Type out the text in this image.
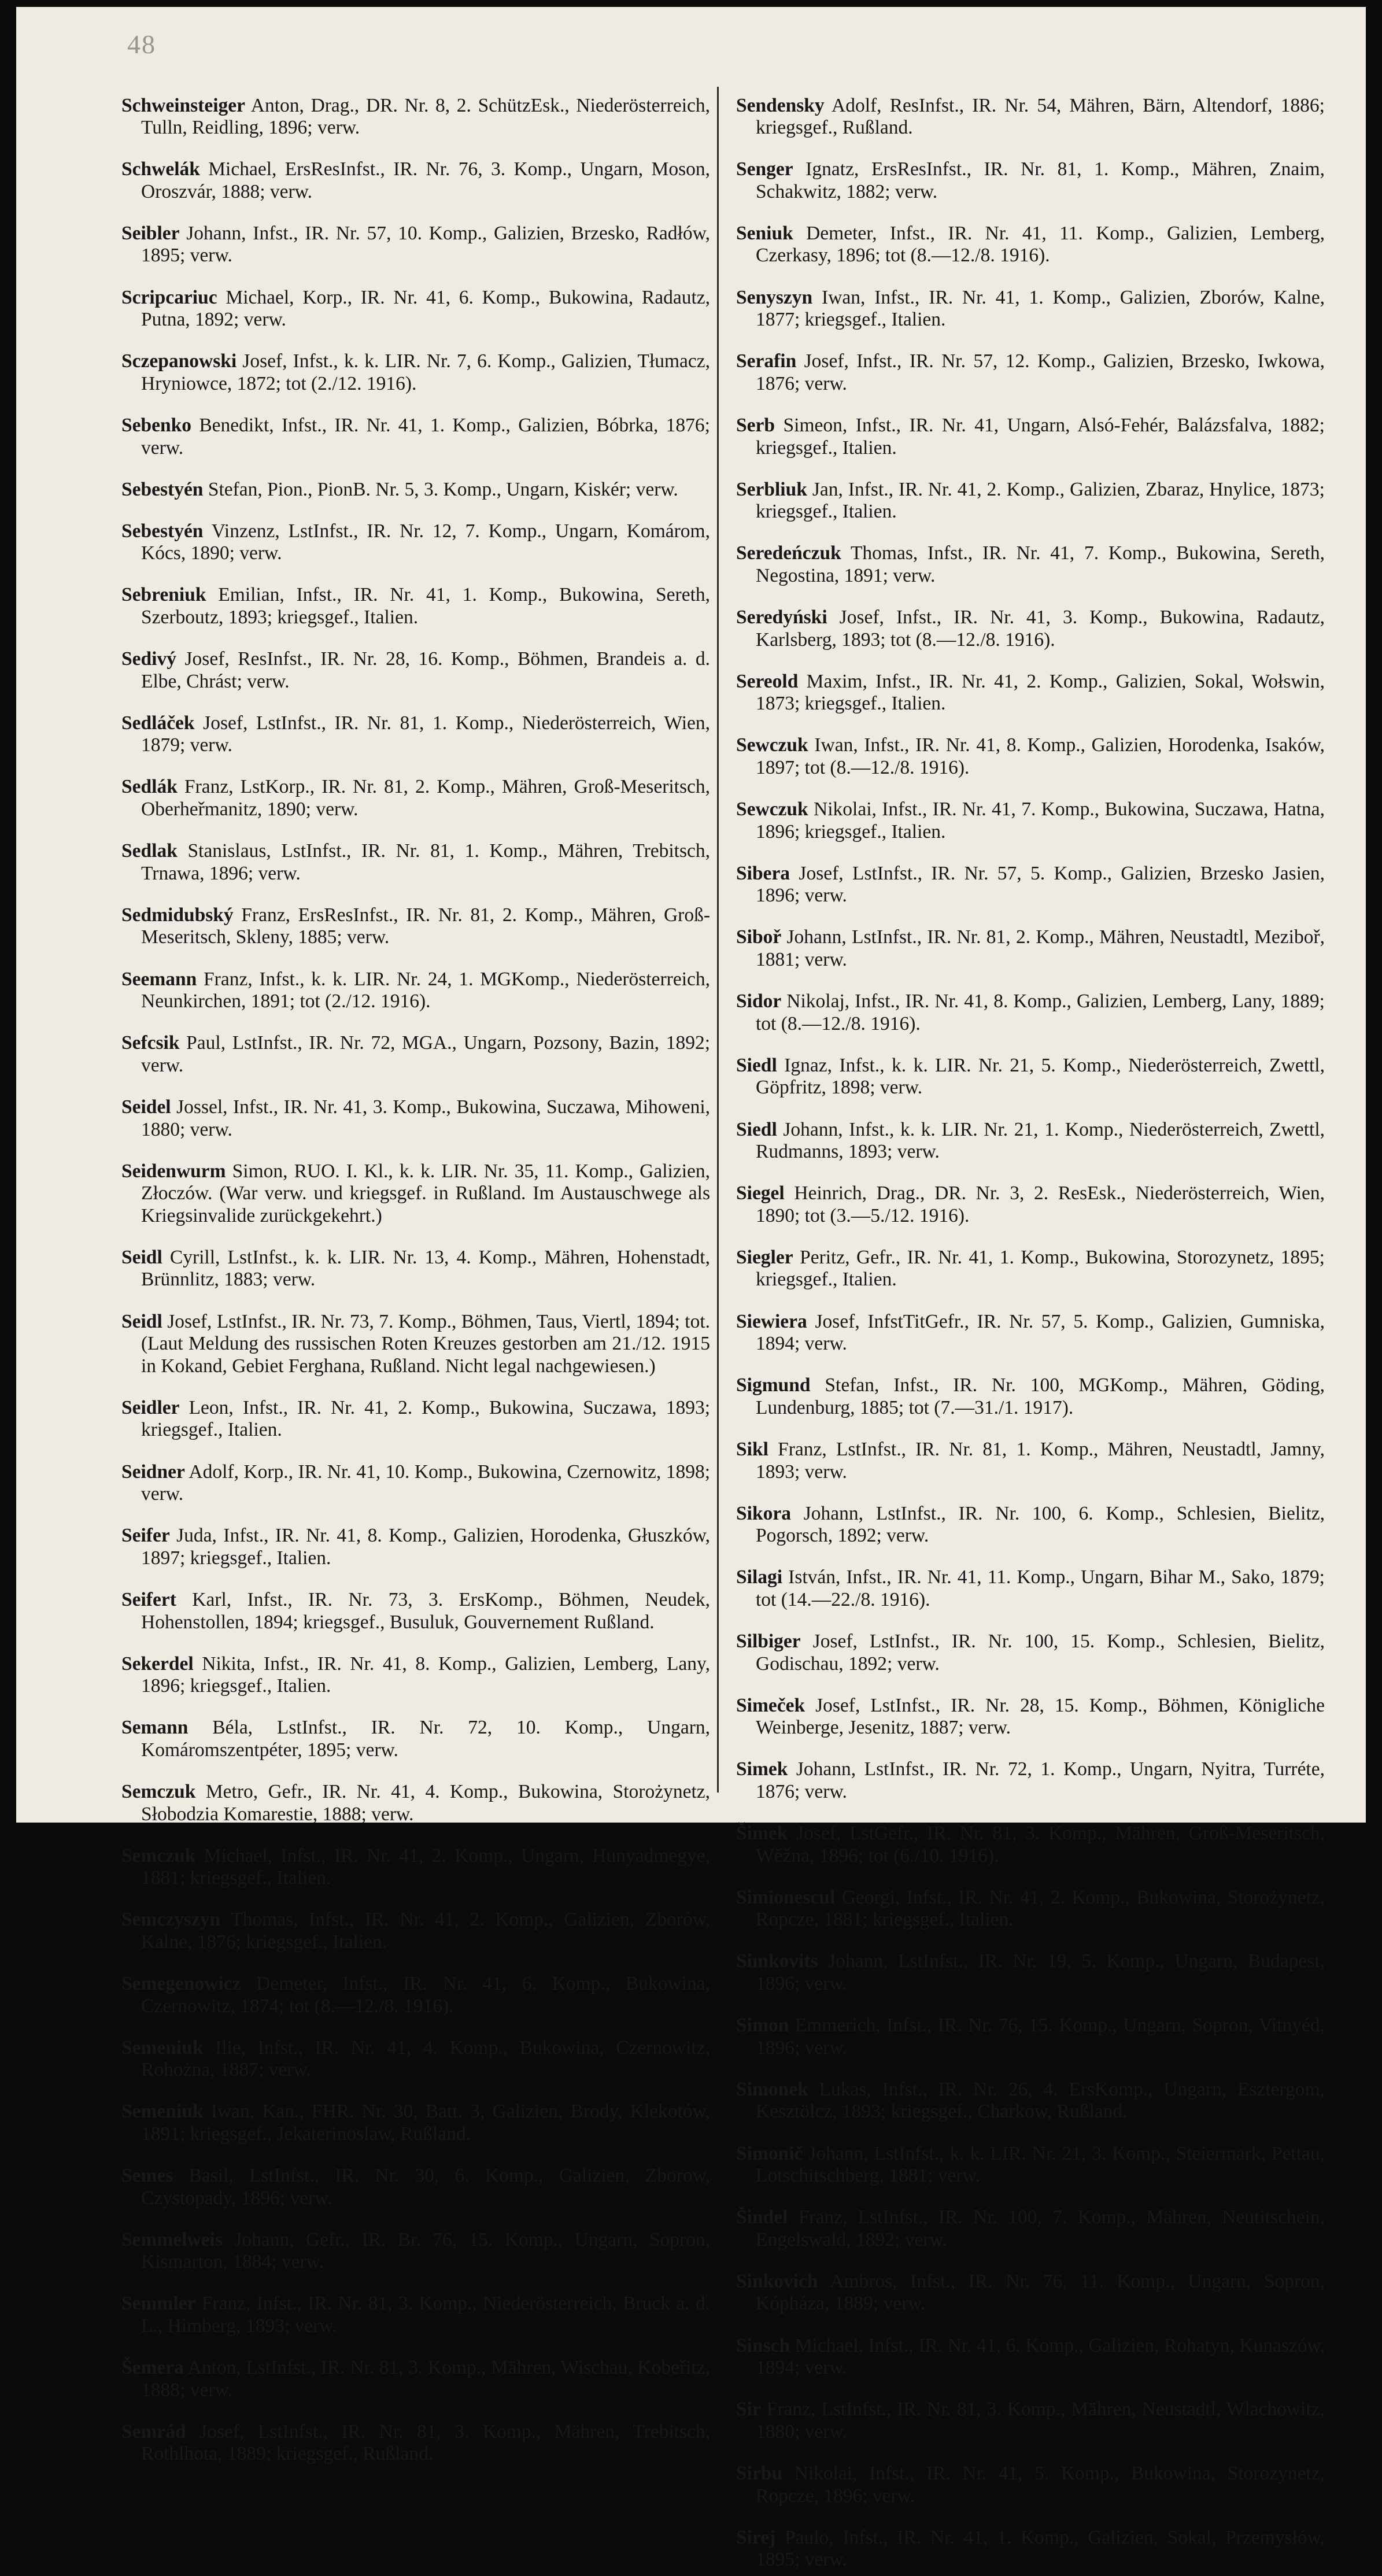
48

Schweinsteiger Anton, Drag., DR. Nr. 8, 2. SchützEsk., Niederösterreich, Tulln, Reidling, 1896; verw.

Schwelák Michael, ErsResInfst., IR. Nr. 76, 3. Komp., Ungarn, Moson, Oroszvár, 1888; verw.

Seibler Johann, Infst., IR. Nr. 57, 10. Komp., Galizien, Brzesko, Radłów, 1895; verw.

Scripcariuc Michael, Korp., IR. Nr. 41, 6. Komp., Bukowina, Radautz, Putna, 1892; verw.

Sczepanowski Josef, Infst., k. k. LIR. Nr. 7, 6. Komp., Galizien, Tłumacz, Hryniowce, 1872; tot (2./12. 1916).

Sebenko Benedikt, Infst., IR. Nr. 41, 1. Komp., Galizien, Bóbrka, 1876; verw.

Sebestyén Stefan, Pion., PionB. Nr. 5, 3. Komp., Ungarn, Kiskér; verw.

Sebestyén Vinzenz, LstInfst., IR. Nr. 12, 7. Komp., Ungarn, Komárom, Kócs, 1890; verw.

Sebreniuk Emilian, Infst., IR. Nr. 41, 1. Komp., Bukowina, Sereth, Szerboutz, 1893; kriegsgef., Italien.

Sedivý Josef, ResInfst., IR. Nr. 28, 16. Komp., Böhmen, Brandeis a. d. Elbe, Chrást; verw.

Sedláček Josef, LstInfst., IR. Nr. 81, 1. Komp., Niederösterreich, Wien, 1879; verw.

Sedlák Franz, LstKorp., IR. Nr. 81, 2. Komp., Mähren, Groß-Meseritsch, Oberheřmanitz, 1890; verw.

Sedlak Stanislaus, LstInfst., IR. Nr. 81, 1. Komp., Mähren, Trebitsch, Trnawa, 1896; verw.

Sedmidubský Franz, ErsResInfst., IR. Nr. 81, 2. Komp., Mähren, Groß-Meseritsch, Skleny, 1885; verw.

Seemann Franz, Infst., k. k. LIR. Nr. 24, 1. MGKomp., Niederösterreich, Neunkirchen, 1891; tot (2./12. 1916).

Sefcsik Paul, LstInfst., IR. Nr. 72, MGA., Ungarn, Pozsony, Bazin, 1892; verw.

Seidel Jossel, Infst., IR. Nr. 41, 3. Komp., Bukowina, Suczawa, Mihoweni, 1880; verw.

Seidenwurm Simon, RUO. I. Kl., k. k. LIR. Nr. 35, 11. Komp., Galizien, Złoczów. (War verw. und kriegsgef. in Rußland. Im Austauschwege als Kriegsinvalide zurückgekehrt.)

Seidl Cyrill, LstInfst., k. k. LIR. Nr. 13, 4. Komp., Mähren, Hohenstadt, Brünnlitz, 1883; verw.

Seidl Josef, LstInfst., IR. Nr. 73, 7. Komp., Böhmen, Taus, Viertl, 1894; tot. (Laut Meldung des russischen Roten Kreuzes gestorben am 21./12. 1915 in Kokand, Gebiet Ferghana, Rußland. Nicht legal nachgewiesen.)

Seidler Leon, Infst., IR. Nr. 41, 2. Komp., Bukowina, Suczawa, 1893; kriegsgef., Italien.

Seidner Adolf, Korp., IR. Nr. 41, 10. Komp., Bukowina, Czernowitz, 1898; verw.

Seifer Juda, Infst., IR. Nr. 41, 8. Komp., Galizien, Horodenka, Głuszków, 1897; kriegsgef., Italien.

Seifert Karl, Infst., IR. Nr. 73, 3. ErsKomp., Böhmen, Neudek, Hohenstollen, 1894; kriegsgef., Busuluk, Gouvernement Rußland.

Sekerdel Nikita, Infst., IR. Nr. 41, 8. Komp., Galizien, Lemberg, Lany, 1896; kriegsgef., Italien.

Semann Béla, LstInfst., IR. Nr. 72, 10. Komp., Ungarn, Komáromszentpéter, 1895; verw.

Semczuk Metro, Gefr., IR. Nr. 41, 4. Komp., Bukowina, Storożynetz, Słobodzia Komarestie, 1888; verw.

Semczuk Michael, Infst., IR. Nr. 41, 2. Komp., Ungarn, Hunyadmegye, 1881; kriegsgef., Italien.

Semczyszyn Thomas, Infst., IR. Nr. 41, 2. Komp., Galizien, Zborów, Kalne, 1876; kriegsgef., Italien.

Semegenowicz Demeter, Infst., IR. Nr. 41, 6. Komp., Bukowina, Czernowitz, 1874; tot (8.—12./8. 1916).

Semeniuk Ilie, Infst., IR. Nr. 41, 4. Komp., Bukowina, Czernowitz, Rohożna, 1887; verw.

Semeniuk Iwan, Kan., FHR. Nr. 30, Batt. 3, Galizien, Brody, Klekotów, 1891; kriegsgef., Jekaterinoslaw, Rußland.

Semes Basil, LstInfst., IR. Nr. 30, 6. Komp., Galizien, Zborow, Czystopady, 1896; verw.

Semmelweis Johann, Gefr., IR. Br. 76, 15. Komp., Ungarn, Sopron, Kismarton, 1884; verw.

Semmler Franz, Infst., IR. Nr. 81, 3. Komp., Niederösterreich, Bruck a. d. L., Himberg, 1893; verw.

Šemera Anton, LstInfst., IR. Nr. 81, 3. Komp., Mähren, Wischau, Kobeřitz, 1888; verw.

Semrád Josef, LstInfst., IR. Nr. 81, 3. Komp., Mähren, Trebitsch, Rothlhota, 1889; kriegsgef., Rußland.

Sendensky Adolf, ResInfst., IR. Nr. 54, Mähren, Bärn, Altendorf, 1886; kriegsgef., Rußland.

Senger Ignatz, ErsResInfst., IR. Nr. 81, 1. Komp., Mähren, Znaim, Schakwitz, 1882; verw.

Seniuk Demeter, Infst., IR. Nr. 41, 11. Komp., Galizien, Lemberg, Czerkasy, 1896; tot (8.—12./8. 1916).

Senyszyn Iwan, Infst., IR. Nr. 41, 1. Komp., Galizien, Zborów, Kalne, 1877; kriegsgef., Italien.

Serafin Josef, Infst., IR. Nr. 57, 12. Komp., Galizien, Brzesko, Iwkowa, 1876; verw.

Serb Simeon, Infst., IR. Nr. 41, Ungarn, Alsó-Fehér, Balázsfalva, 1882; kriegsgef., Italien.

Serbliuk Jan, Infst., IR. Nr. 41, 2. Komp., Galizien, Zbaraz, Hnylice, 1873; kriegsgef., Italien.

Seredeńczuk Thomas, Infst., IR. Nr. 41, 7. Komp., Bukowina, Sereth, Negostina, 1891; verw.

Seredyński Josef, Infst., IR. Nr. 41, 3. Komp., Bukowina, Radautz, Karlsberg, 1893; tot (8.—12./8. 1916).

Sereold Maxim, Infst., IR. Nr. 41, 2. Komp., Galizien, Sokal, Wołswin, 1873; kriegsgef., Italien.

Sewczuk Iwan, Infst., IR. Nr. 41, 8. Komp., Galizien, Horodenka, Isaków, 1897; tot (8.—12./8. 1916).

Sewczuk Nikolai, Infst., IR. Nr. 41, 7. Komp., Bukowina, Suczawa, Hatna, 1896; kriegsgef., Italien.

Sibera Josef, LstInfst., IR. Nr. 57, 5. Komp., Galizien, Brzesko Jasien, 1896; verw.

Siboř Johann, LstInfst., IR. Nr. 81, 2. Komp., Mähren, Neustadtl, Meziboř, 1881; verw.

Sidor Nikolaj, Infst., IR. Nr. 41, 8. Komp., Galizien, Lemberg, Lany, 1889; tot (8.—12./8. 1916).

Siedl Ignaz, Infst., k. k. LIR. Nr. 21, 5. Komp., Niederösterreich, Zwettl, Göpfritz, 1898; verw.

Siedl Johann, Infst., k. k. LIR. Nr. 21, 1. Komp., Niederösterreich, Zwettl, Rudmanns, 1893; verw.

Siegel Heinrich, Drag., DR. Nr. 3, 2. ResEsk., Niederösterreich, Wien, 1890; tot (3.—5./12. 1916).

Siegler Peritz, Gefr., IR. Nr. 41, 1. Komp., Bukowina, Storozynetz, 1895; kriegsgef., Italien.

Siewiera Josef, InfstTitGefr., IR. Nr. 57, 5. Komp., Galizien, Gumniska, 1894; verw.

Sigmund Stefan, Infst., IR. Nr. 100, MGKomp., Mähren, Göding, Lundenburg, 1885; tot (7.—31./1. 1917).

Sikl Franz, LstInfst., IR. Nr. 81, 1. Komp., Mähren, Neustadtl, Jamny, 1893; verw.

Sikora Johann, LstInfst., IR. Nr. 100, 6. Komp., Schlesien, Bielitz, Pogorsch, 1892; verw.

Silagi István, Infst., IR. Nr. 41, 11. Komp., Ungarn, Bihar M., Sako, 1879; tot (14.—22./8. 1916).

Silbiger Josef, LstInfst., IR. Nr. 100, 15. Komp., Schlesien, Bielitz, Godischau, 1892; verw.

Simeček Josef, LstInfst., IR. Nr. 28, 15. Komp., Böhmen, Königliche Weinberge, Jesenitz, 1887; verw.

Simek Johann, LstInfst., IR. Nr. 72, 1. Komp., Ungarn, Nyitra, Turréte, 1876; verw.

Šimek Josef, LstGefr., IR. Nr. 81, 3. Komp., Mähren, Groß-Meseritsch, Wěžna, 1896; tot (6./10. 1916).

Simionescul Georgi, Infst., IR. Nr. 41, 2. Komp., Bukowina, Storożynetz, Ropcze, 1881; kriegsgef., Italien.

Simkovits Johann, LstInfst., IR. Nr. 19, 5. Komp., Ungarn, Budapest, 1896; verw.

Simon Emmerich, Infst., IR. Nr. 76, 15. Komp., Ungarn, Sopron, Vitnyéd, 1896; verw.

Simonek Lukas, Infst., IR. Nr. 26, 4. ErsKomp., Ungarn, Esztergom, Kesztölcz, 1893; kriegsgef., Charkow, Rußland.

Simonič Johann, LstInfst., k. k. LIR. Nr. 21, 3. Komp., Steiermark, Pettau, Lotschitschberg, 1881; verw.

Šindel Franz, LstInfst., IR. Nr. 100, 7. Komp., Mähren, Neutitschein, Engelswald, 1892; verw.

Sinkovich Ambros, Infst., IR. Nr. 76, 11. Komp., Ungarn, Sopron, Kópháza, 1889; verw.

Sinsch Michael, Infst., IR. Nr. 41, 6. Komp., Galizien, Rohatyn, Kunaszów, 1894; verw.

Sir Franz, LstInfst., IR. Nr. 81, 3. Komp., Mähren, Neustadtl, Wlachowitz, 1880; verw.

Sirbu Nikolai, Infst., IR. Nr. 41, 5. Komp., Bukowina, Storozynetz, Ropcze, 1896; verw.

Sirej Paulo, Infst., IR. Nr. 41, 1. Komp., Galizien, Sokal, Przemysłów, 1895; verw.
